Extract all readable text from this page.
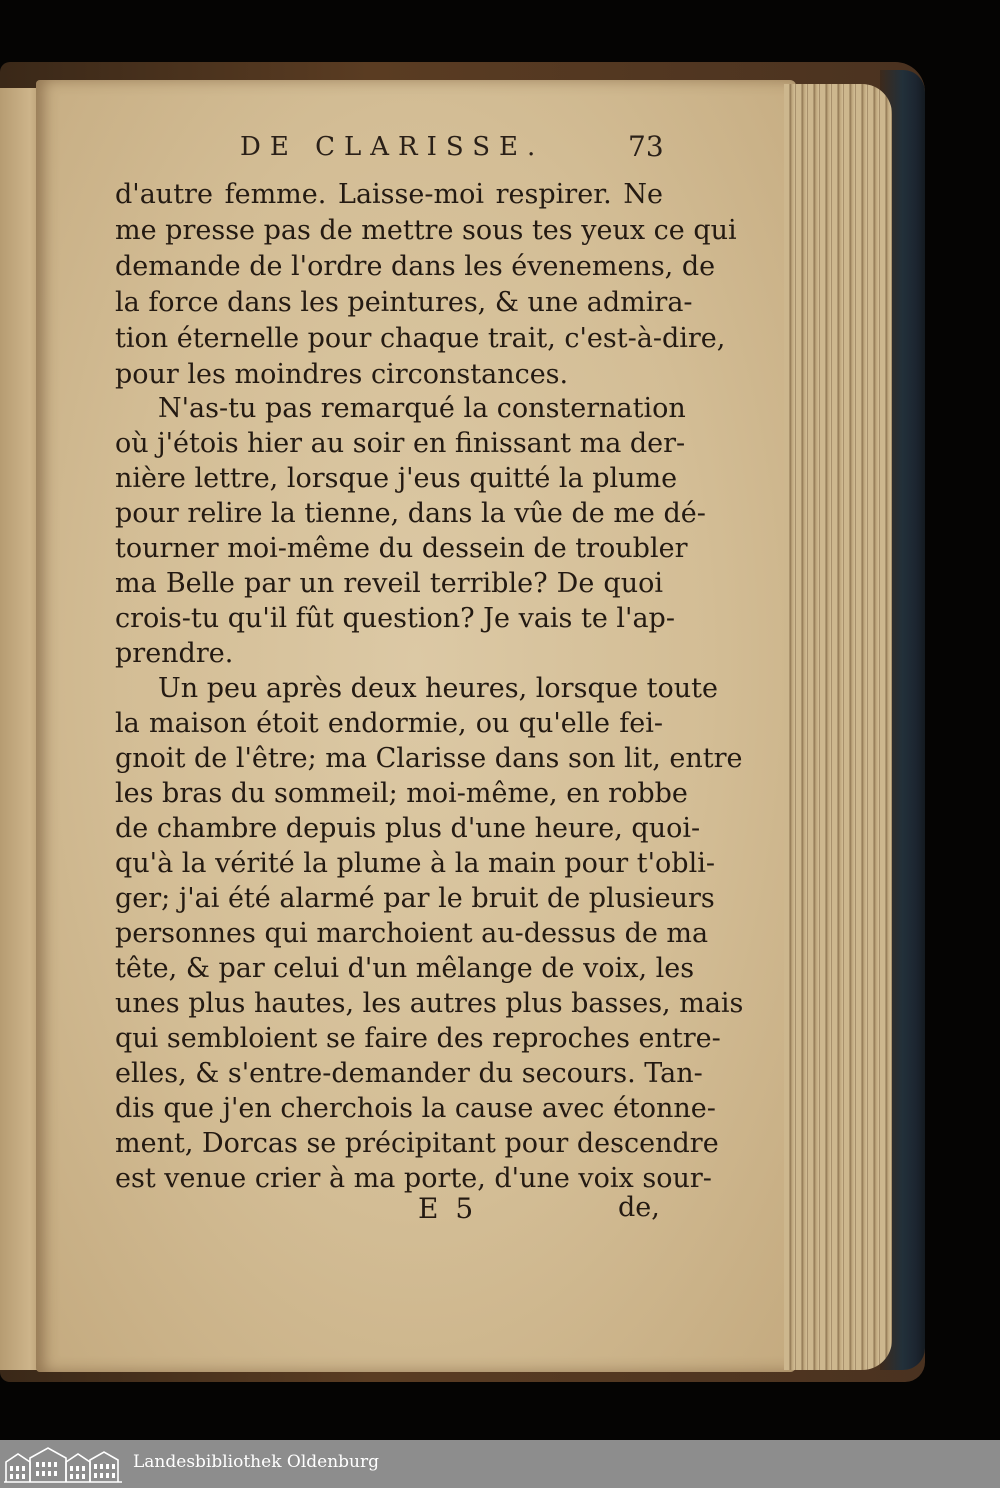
DE CLARISSE.	73
d'autre femme. Laisse-moi respirer. Ne
me presse pas de mettre sous tes yeux ce qui
demande de l'ordre dans les évenemens, de
la force dans les peintures, & une admira-
tion éternelle pour chaque trait, c'est-à-dire,
pour les moindres circonstances.
N'as-tu pas remarqué la consternation
où j'étois hier au soir en finissant ma der-
nière lettre, lorsque j'eus quitté la plume
pour relire la tienne, dans la vûe de me dé-
tourner moi-même du dessein de troubler
ma Belle par un reveil terrible? De quoi
crois-tu qu'il fût question? Je vais te l'ap-
prendre.
Un peu après deux heures, lorsque toute
la maison étoit endormie, ou qu'elle fei-
gnoit de l'être; ma Clarisse dans son lit, entre
les bras du sommeil; moi-même, en robbe
de chambre depuis plus d'une heure, quoi-
qu'à la vérité la plume à la main pour t'obli-
ger; j'ai été alarmé par le bruit de plusieurs
personnes qui marchoient au-dessus de ma
tête, & par celui d'un mêlange de voix, les
unes plus hautes, les autres plus basses, mais
qui sembloient se faire des reproches entre-
elles, & s'entre-demander du secours. Tan-
dis que j'en cherchois la cause avec étonne-
ment, Dorcas se précipitant pour descendre
est venue crier à ma porte, d'une voix sour-
E 5	de,
Landesbibliothek Oldenburg
